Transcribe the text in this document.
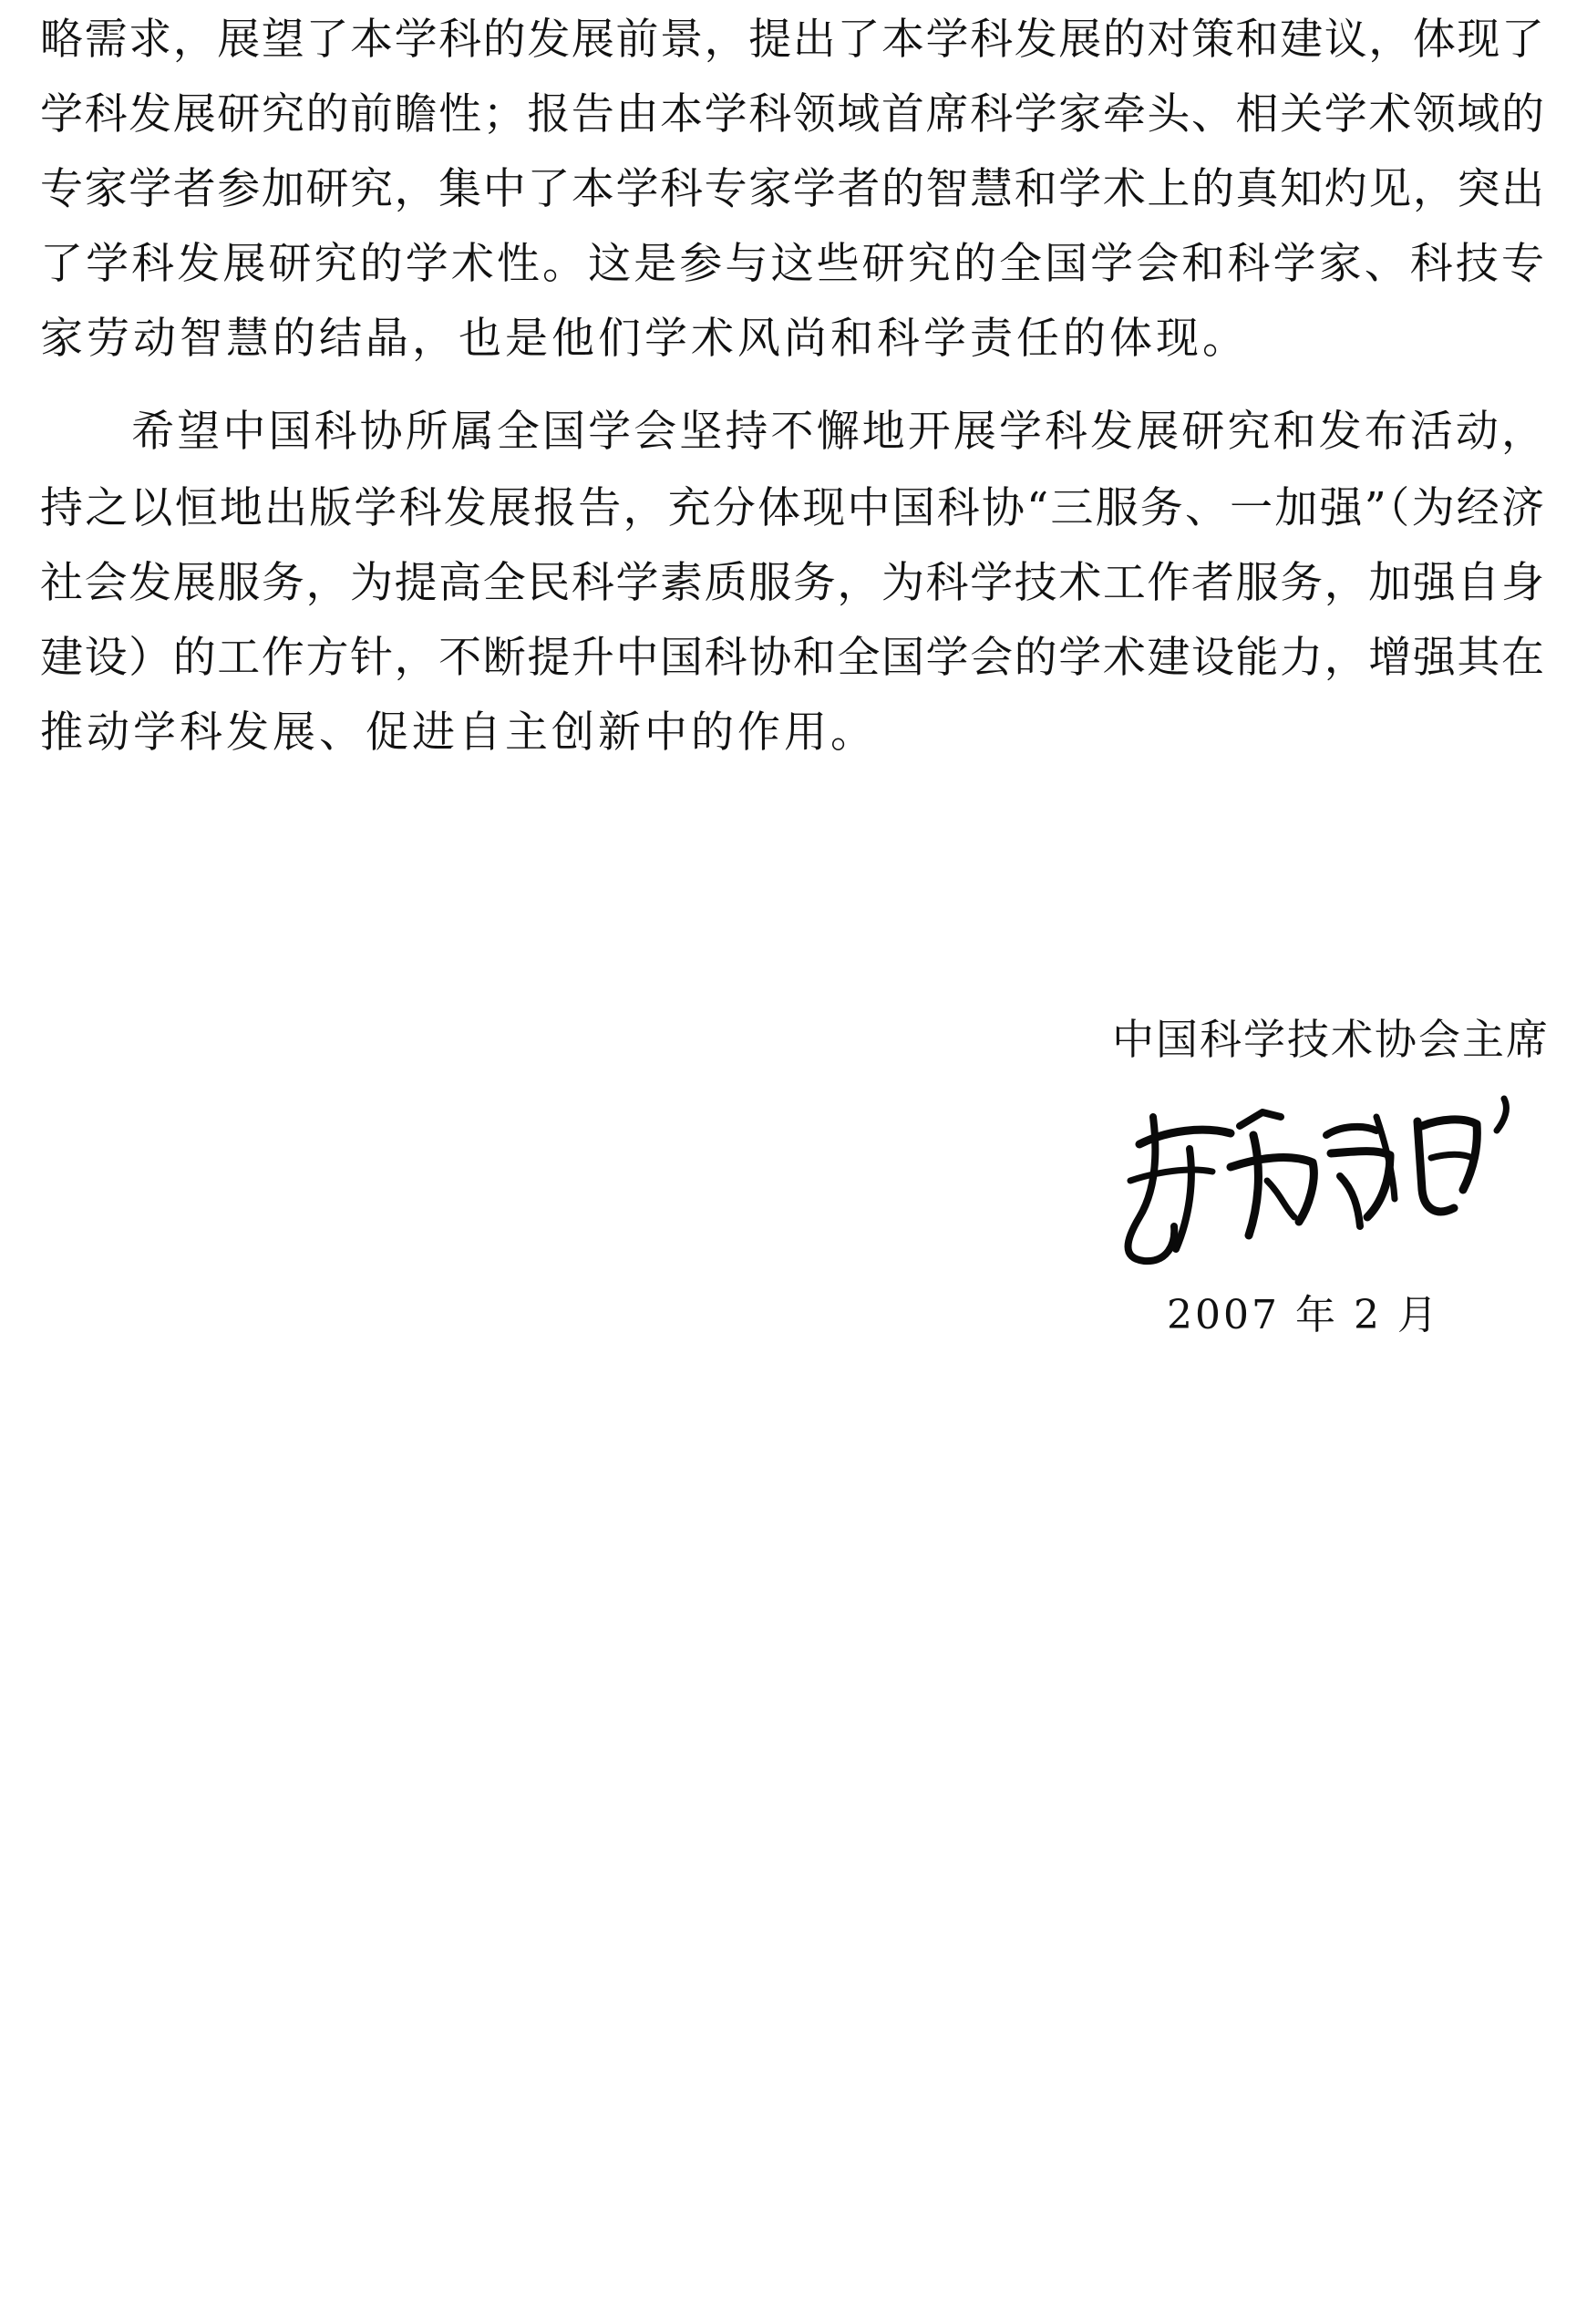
略需求，展望了本学科的发展前景，提出了本学科发展的对策和建议，体现了
学科发展研究的前瞻性；报告由本学科领域首席科学家牵头、相关学术领域的
专家学者参加研究，集中了本学科专家学者的智慧和学术上的真知灼见，突出
了学科发展研究的学术性。这是参与这些研究的全国学会和科学家、科技专
家劳动智慧的结晶，也是他们学术风尚和科学责任的体现。
　　希望中国科协所属全国学会坚持不懈地开展学科发展研究和发布活动，
持之以恒地出版学科发展报告，充分体现中国科协“三服务、一加强”（为经济
社会发展服务，为提高全民科学素质服务，为科学技术工作者服务，加强自身
建设）的工作方针，不断提升中国科协和全国学会的学术建设能力，增强其在
推动学科发展、促进自主创新中的作用。
中国科学技术协会主席
2007 年 2 月
